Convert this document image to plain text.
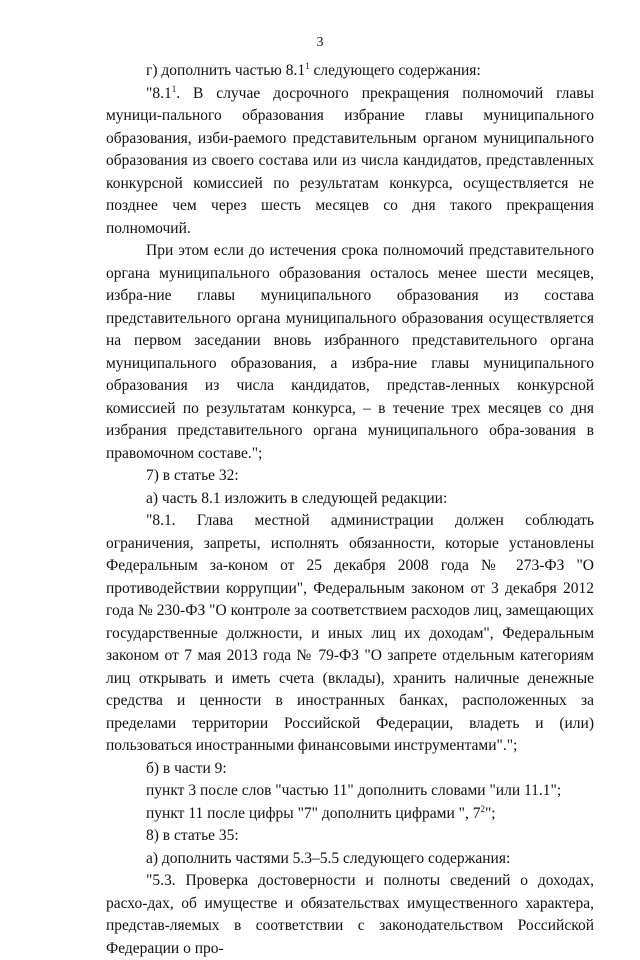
3

г) дополнить частью $8.1^1$ следующего содержания:

"$8.1^1$. В случае досрочного прекращения полномочий главы муници-пального образования избрание главы муниципального образования, изби-раемого представительным органом муниципального образования из своего состава или из числа кандидатов, представленных конкурсной комиссией по результатам конкурса, осуществляется не позднее чем через шесть месяцев со дня такого прекращения полномочий.

При этом если до истечения срока полномочий представительного органа муниципального образования осталось менее шести месяцев, избра-ние главы муниципального образования из состава представительного органа муниципального образования осуществляется на первом заседании вновь избранного представительного органа муниципального образования, а избра-ние главы муниципального образования из числа кандидатов, представ-ленных конкурсной комиссией по результатам конкурса, – в течение трех месяцев со дня избрания представительного органа муниципального обра-зования в правомочном составе.";

7) в статье 32:

а) часть 8.1 изложить в следующей редакции:

"8.1. Глава местной администрации должен соблюдать ограничения, запреты, исполнять обязанности, которые установлены Федеральным за-коном от 25 декабря 2008 года № 273-ФЗ "О противодействии коррупции", Федеральным законом от 3 декабря 2012 года № 230-ФЗ "О контроле за соответствием расходов лиц, замещающих государственные должности, и иных лиц их доходам", Федеральным законом от 7 мая 2013 года № 79-ФЗ "О запрете отдельным категориям лиц открывать и иметь счета (вклады), хранить наличные денежные средства и ценности в иностранных банках, расположенных за пределами территории Российской Федерации, владеть и (или) пользоваться иностранными финансовыми инструментами".";

б) в части 9:

пункт 3 после слов "частью 11" дополнить словами "или 11.1";

пункт 11 после цифры "7" дополнить цифрами ", $7^2$";

8) в статье 35:

а) дополнить частями 5.3–5.5 следующего содержания:

"5.3. Проверка достоверности и полноты сведений о доходах, расхо-дах, об имуществе и обязательствах имущественного характера, представ-ляемых в соответствии с законодательством Российской Федерации о про-
